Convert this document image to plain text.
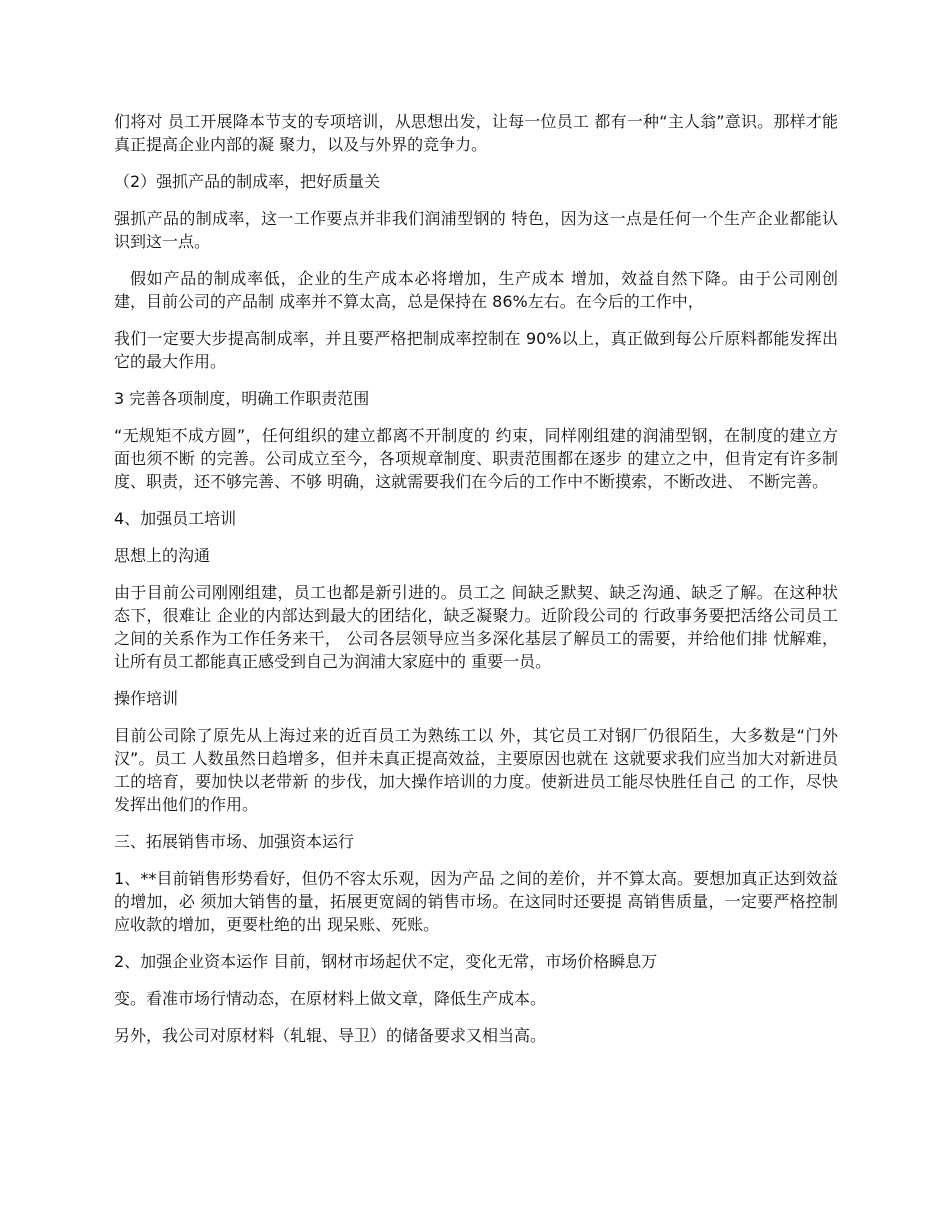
们将对 员工开展降本节支的专项培训，从思想出发，让每一位员工 都有一种“主人翁”意识。那样才能真正提高企业内部的凝 聚力，以及与外界的竞争力。

（2）强抓产品的制成率，把好质量关

强抓产品的制成率，这一工作要点并非我们润浦型钢的 特色，因为这一点是任何一个生产企业都能认识到这一点。

假如产品的制成率低，企业的生产成本必将增加，生产成本 增加，效益自然下降。由于公司刚创建，目前公司的产品制 成率并不算太高，总是保持在 86%左右。在今后的工作中，

我们一定要大步提高制成率，并且要严格把制成率控制在 90%以上，真正做到每公斤原料都能发挥出它的最大作用。

3 完善各项制度，明确工作职责范围

“无规矩不成方圆”，任何组织的建立都离不开制度的 约束，同样刚组建的润浦型钢，在制度的建立方面也须不断 的完善。公司成立至今，各项规章制度、职责范围都在逐步 的建立之中，但肯定有许多制度、职责，还不够完善、不够 明确，这就需要我们在今后的工作中不断摸索，不断改进、 不断完善。

4、加强员工培训

思想上的沟通

由于目前公司刚刚组建，员工也都是新引进的。员工之 间缺乏默契、缺乏沟通、缺乏了解。在这种状态下，很难让 企业的内部达到最大的团结化，缺乏凝聚力。近阶段公司的 行政事务要把活络公司员工之间的关系作为工作任务来干， 公司各层领导应当多深化基层了解员工的需要，并给他们排 忧解难，让所有员工都能真正感受到自己为润浦大家庭中的 重要一员。

操作培训

目前公司除了原先从上海过来的近百员工为熟练工以 外，其它员工对钢厂仍很陌生，大多数是“门外汉”。员工 人数虽然日趋增多，但并未真正提高效益，主要原因也就在 这就要求我们应当加大对新进员工的培育，要加快以老带新 的步伐，加大操作培训的力度。使新进员工能尽快胜任自己 的工作，尽快发挥出他们的作用。

三、拓展销售市场、加强资本运行

1、**目前销售形势看好，但仍不容太乐观，因为产品 之间的差价，并不算太高。要想加真正达到效益的增加，必 须加大销售的量，拓展更宽阔的销售市场。在这同时还要提 高销售质量，一定要严格控制应收款的增加，更要杜绝的出 现呆账、死账。

2、加强企业资本运作 目前，钢材市场起伏不定，变化无常，市场价格瞬息万

变。看准市场行情动态，在原材料上做文章，降低生产成本。

另外，我公司对原材料（轧辊、导卫）的储备要求又相当高。
